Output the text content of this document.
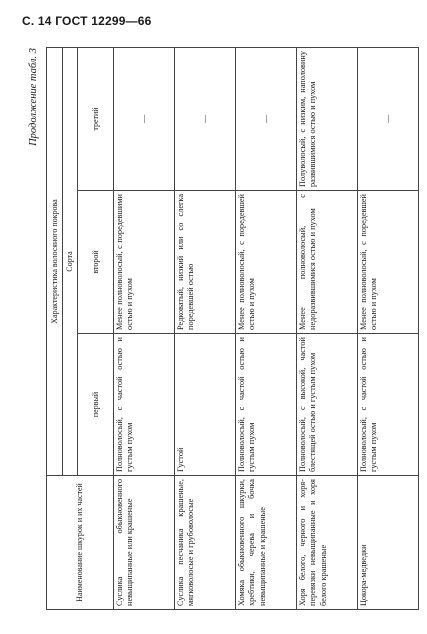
С. 14 ГОСТ 12299—66
Продолжение табл. 3
Наименование шкурок и их частей	Характеристика волосяного покрова		
	Сорта		
	первый	второй	третий
Суслика обыкновенного невыщипанные или крашеные	Полноволосый, с частой остью и густым пухом	Менее полноволосый, с поредевшими остью и пухом	—
Суслика песчаника крашеные, мягковолосые и грубоволосые	Густой	Редковатый, низкий или со слегка поредевшей остью	—
Хомяка обыкновенного шкурки, хребтики, черева и бочка невыщипанные и крашеные	Полноволосый, с частой остью и густым пухом	Менее полноволосый, с поредевшей остью и пухом	—
Хоря белого, черного и хоря-перевязки невыщипанные и хоря белого крашеные	Полноволосый, с высокой, частой блестящей остью и густым пухом	Менее полноволосый, с недоразвившимися остью и пухом	Полуволосый, с низким, наполовину развившимися остью и пухом
Цокора-медведки	Полноволосый, с частой остью и густым пухом	Менее полноволосый, с поредевшей остью и пухом	—
